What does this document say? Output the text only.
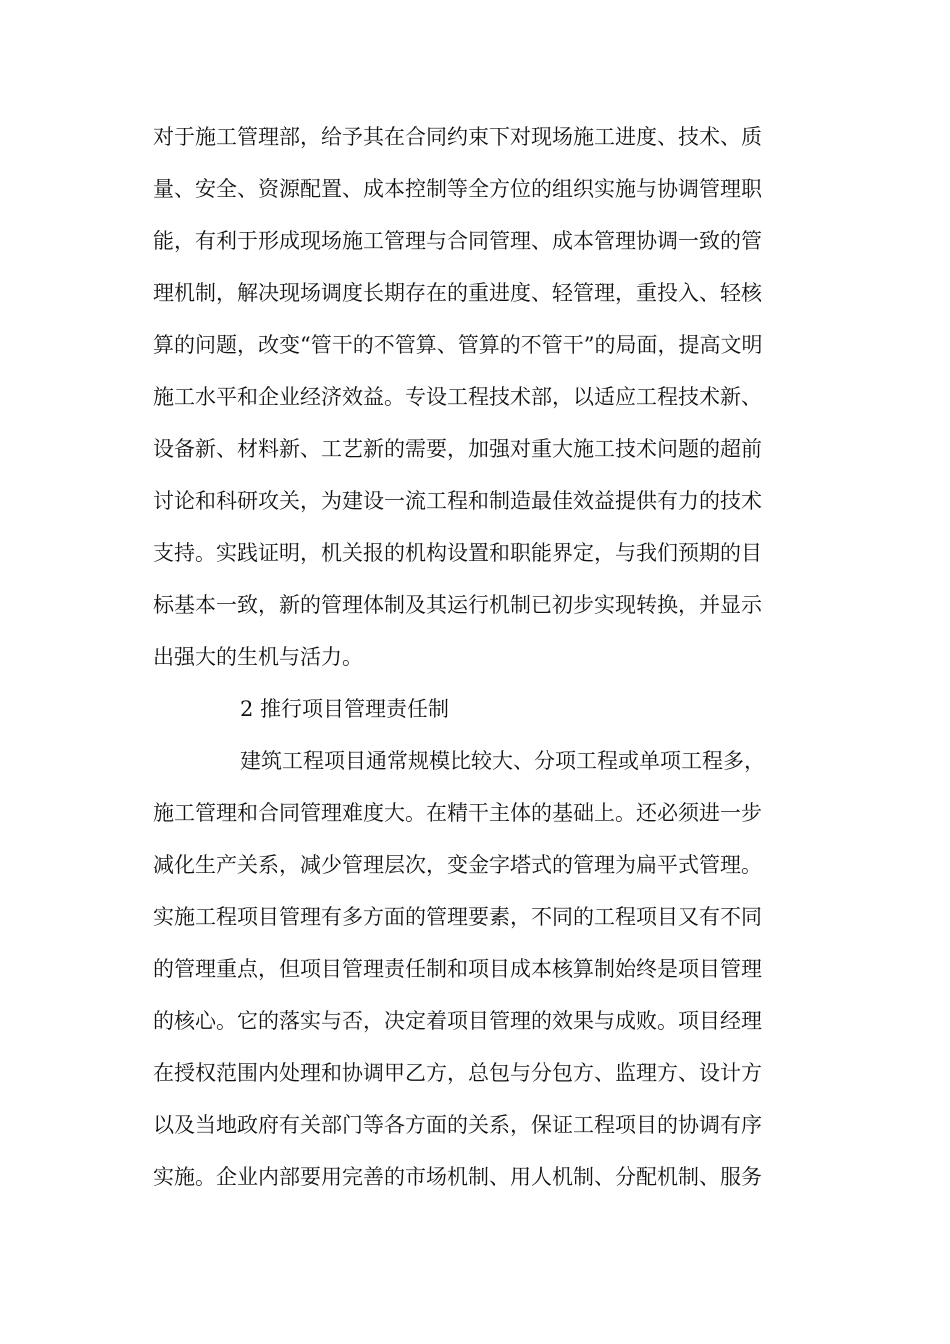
对于施工管理部，给予其在合同约束下对现场施工进度、技术、质
量、安全、资源配置、成本控制等全方位的组织实施与协调管理职
能，有利于形成现场施工管理与合同管理、成本管理协调一致的管
理机制，解决现场调度长期存在的重进度、轻管理，重投入、轻核
算的问题，改变“管干的不管算、管算的不管干”的局面，提高文明
施工水平和企业经济效益。专设工程技术部，以适应工程技术新、
设备新、材料新、工艺新的需要，加强对重大施工技术问题的超前
讨论和科研攻关，为建设一流工程和制造最佳效益提供有力的技术
支持。实践证明，机关报的机构设置和职能界定，与我们预期的目
标基本一致，新的管理体制及其运行机制已初步实现转换，并显示
出强大的生机与活力。
2 推行项目管理责任制
建筑工程项目通常规模比较大、分项工程或单项工程多，
施工管理和合同管理难度大。在精干主体的基础上。还必须进一步
减化生产关系，减少管理层次，变金字塔式的管理为扁平式管理。
实施工程项目管理有多方面的管理要素，不同的工程项目又有不同
的管理重点，但项目管理责任制和项目成本核算制始终是项目管理
的核心。它的落实与否，决定着项目管理的效果与成败。项目经理
在授权范围内处理和协调甲乙方，总包与分包方、监理方、设计方
以及当地政府有关部门等各方面的关系，保证工程项目的协调有序
实施。企业内部要用完善的市场机制、用人机制、分配机制、服务
